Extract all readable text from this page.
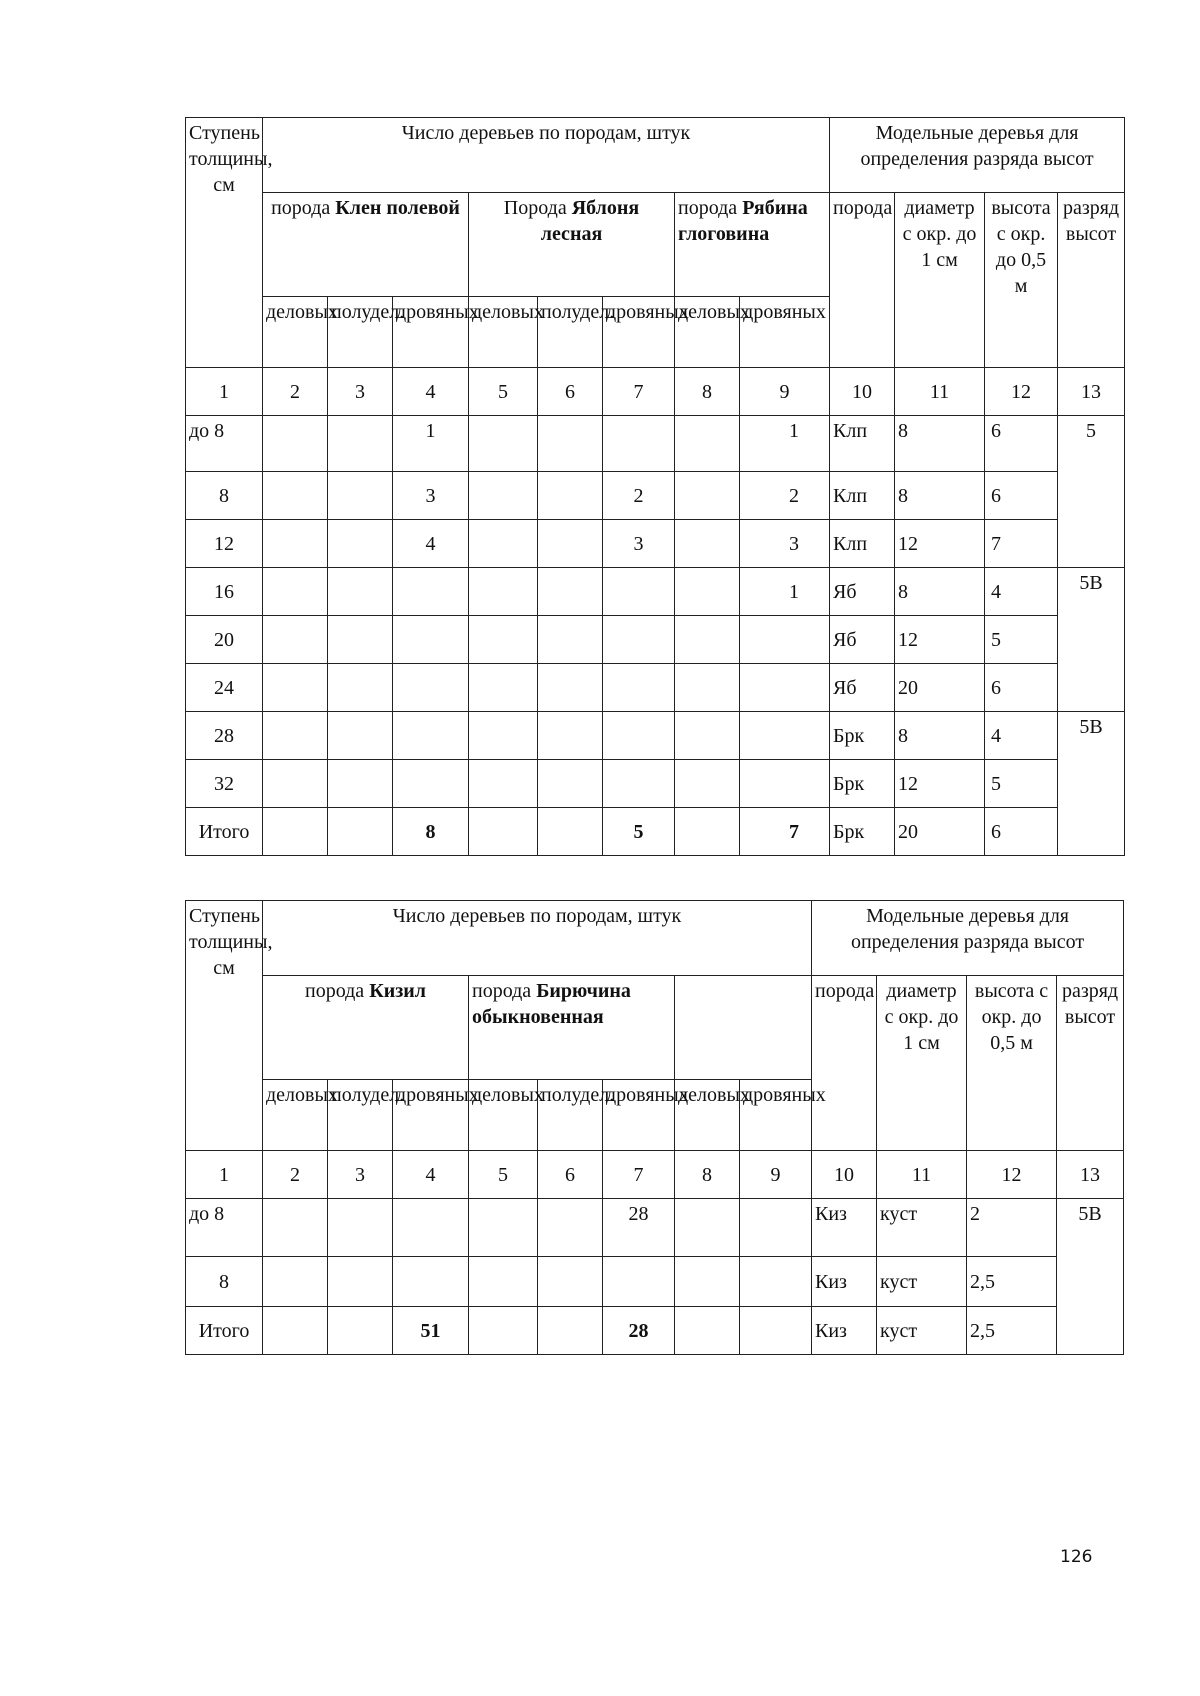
Ступень толщины, см	Число деревьев по породам, штук								Модельные деревья для определения разряда высот			
	порода Клен полевой			Порода Яблоня лесная			порода Рябина глоговина		порода	диаметр с окр. до 1 см	высота с окр. до 0,5 м	разряд высот
	деловых	полудел.	дровяных	деловых	полудел.	дровяных	деловых	дровяных				
1	2	3	4	5	6	7	8	9	10	11	12	13
до 8			1					1	Клп	8	6	5
8			3			2		2	Клп	8	6	
12			4			3		3	Клп	12	7	
16								1	Яб	8	4	5В
20									Яб	12	5	
24									Яб	20	6	
28									Брк	8	4	5В
32									Брк	12	5	
Итого			8			5		7	Брк	20	6	
Ступень толщины, см	Число деревьев по породам, штук								Модельные деревья для определения разряда высот			
	порода Кизил			порода Бирючина обыкновенная					порода	диаметр с окр. до 1 см	высота с окр. до 0,5 м	разряд высот
	деловых	полудел.	дровяных	деловых	полудел.	дровяных	деловых	дровяных				
1	2	3	4	5	6	7	8	9	10	11	12	13
до 8						28			Киз	куст	2	5В
8									Киз	куст	2,5	
Итого			51			28			Киз	куст	2,5	
126
